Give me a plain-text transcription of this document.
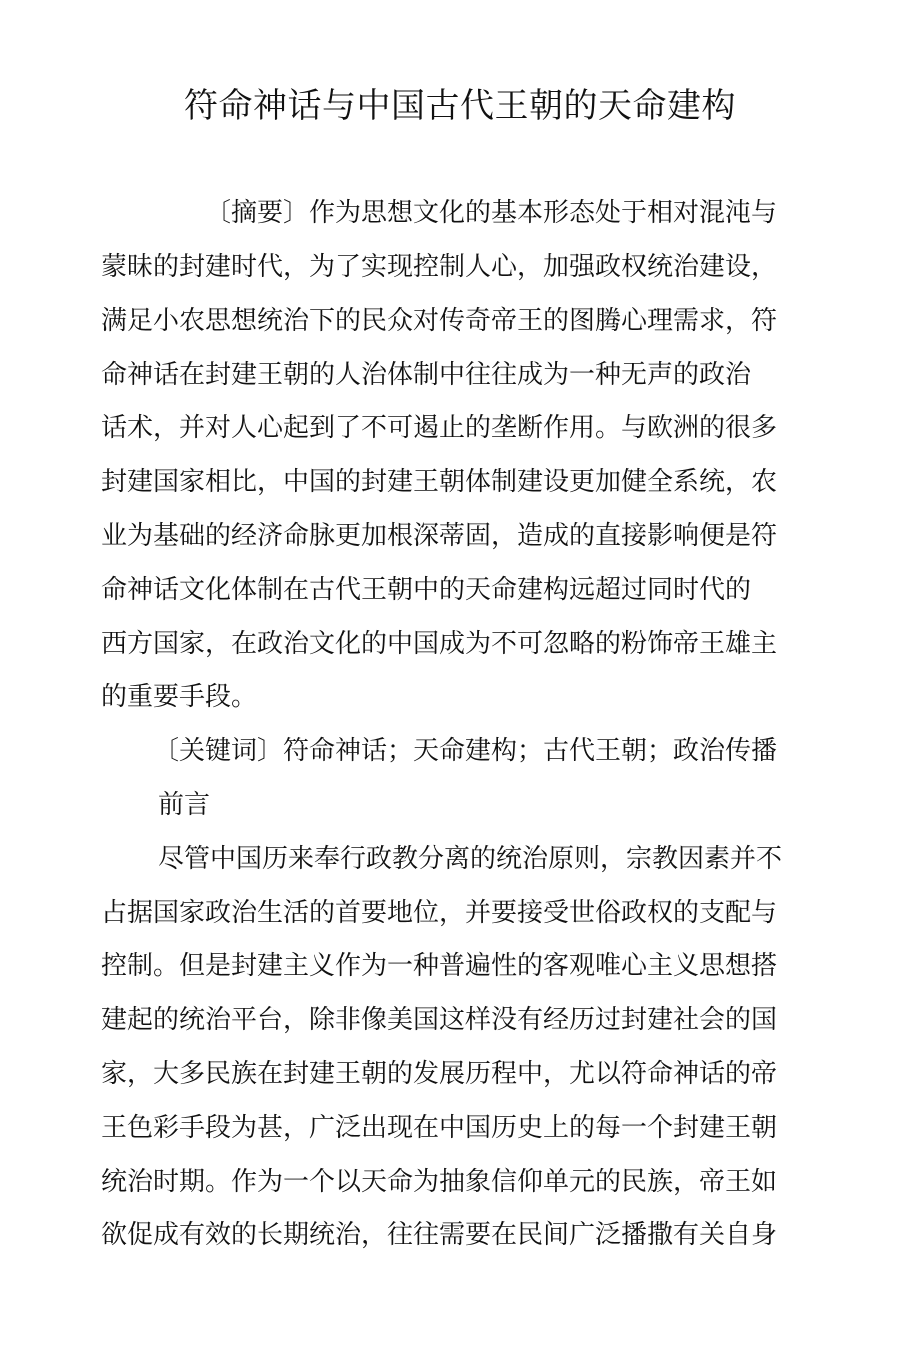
符命神话与中国古代王朝的天命建构

〔摘要〕作为思想文化的基本形态处于相对混沌与

蒙昧的封建时代，为了实现控制人心，加强政权统治建设，

满足小农思想统治下的民众对传奇帝王的图腾心理需求，符

命神话在封建王朝的人治体制中往往成为一种无声的政治

话术，并对人心起到了不可遏止的垄断作用。与欧洲的很多

封建国家相比，中国的封建王朝体制建设更加健全系统，农

业为基础的经济命脉更加根深蒂固，造成的直接影响便是符

命神话文化体制在古代王朝中的天命建构远超过同时代的

西方国家，在政治文化的中国成为不可忽略的粉饰帝王雄主

的重要手段。

〔关键词〕符命神话；天命建构；古代王朝；政治传播

前言

尽管中国历来奉行政教分离的统治原则，宗教因素并不

占据国家政治生活的首要地位，并要接受世俗政权的支配与

控制。但是封建主义作为一种普遍性的客观唯心主义思想搭

建起的统治平台，除非像美国这样没有经历过封建社会的国

家，大多民族在封建王朝的发展历程中，尤以符命神话的帝

王色彩手段为甚，广泛出现在中国历史上的每一个封建王朝

统治时期。作为一个以天命为抽象信仰单元的民族，帝王如

欲促成有效的长期统治，往往需要在民间广泛播撒有关自身
